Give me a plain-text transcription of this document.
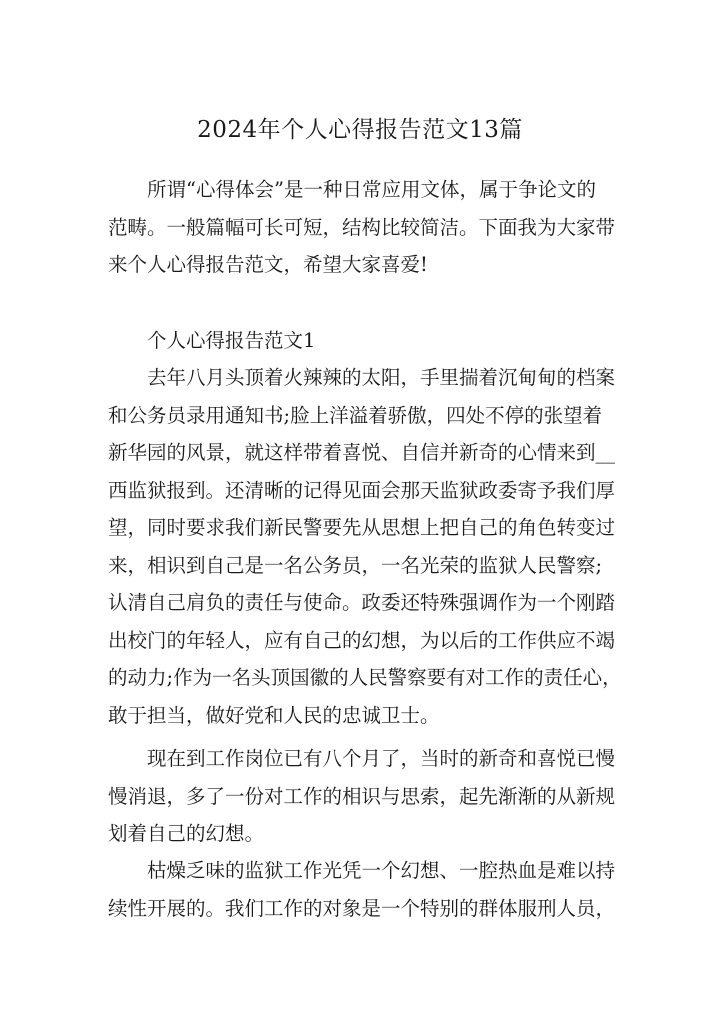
2024年个人心得报告范文13篇
所谓“心得体会”是一种日常应用文体，属于争论文的
范畴。一般篇幅可长可短，结构比较简洁。下面我为大家带
来个人心得报告范文，希望大家喜爱!
个人心得报告范文1
去年八月头顶着火辣辣的太阳，手里揣着沉甸甸的档案
和公务员录用通知书;脸上洋溢着骄傲，四处不停的张望着
新华园的风景，就这样带着喜悦、自信并新奇的心情来到__
西监狱报到。还清晰的记得见面会那天监狱政委寄予我们厚
望，同时要求我们新民警要先从思想上把自己的角色转变过
来，相识到自己是一名公务员，一名光荣的监狱人民警察;
认清自己肩负的责任与使命。政委还特殊强调作为一个刚踏
出校门的年轻人，应有自己的幻想，为以后的工作供应不竭
的动力;作为一名头顶国徽的人民警察要有对工作的责任心，
敢于担当，做好党和人民的忠诚卫士。
现在到工作岗位已有八个月了，当时的新奇和喜悦已慢
慢消退，多了一份对工作的相识与思索，起先渐渐的从新规
划着自己的幻想。
枯燥乏味的监狱工作光凭一个幻想、一腔热血是难以持
续性开展的。我们工作的对象是一个特别的群体服刑人员，
